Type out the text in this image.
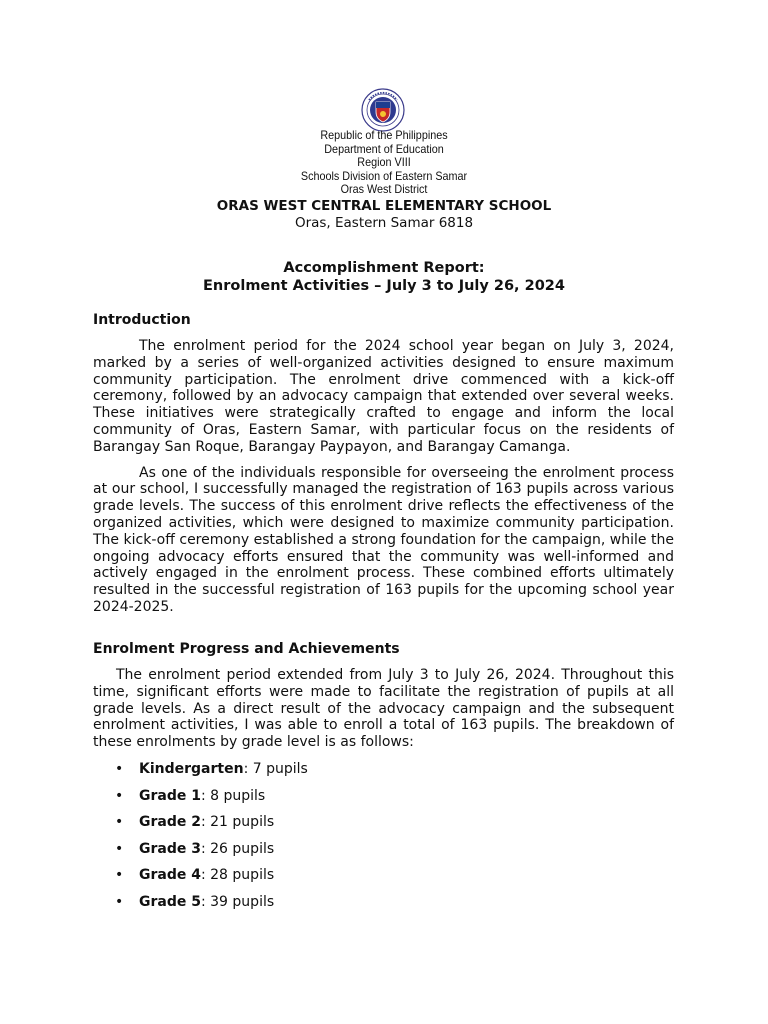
Republic of the Philippines
Department of Education
Region VIII
Schools Division of Eastern Samar
Oras West District
ORAS WEST CENTRAL ELEMENTARY SCHOOL
Oras, Eastern Samar 6818
Accomplishment Report:
Enrolment Activities – July 3 to July 26, 2024
Introduction
The enrolment period for the 2024 school year began on July 3, 2024, marked by a series of well-organized activities designed to ensure maximum community participation. The enrolment drive commenced with a kick-off ceremony, followed by an advocacy campaign that extended over several weeks. These initiatives were strategically crafted to engage and inform the local community of Oras, Eastern Samar, with particular focus on the residents of Barangay San Roque, Barangay Paypayon, and Barangay Camanga.
As one of the individuals responsible for overseeing the enrolment process at our school, I successfully managed the registration of 163 pupils across various grade levels. The success of this enrolment drive reflects the effectiveness of the organized activities, which were designed to maximize community participation. The kick-off ceremony established a strong foundation for the campaign, while the ongoing advocacy efforts ensured that the community was well-informed and actively engaged in the enrolment process. These combined efforts ultimately resulted in the successful registration of 163 pupils for the upcoming school year 2024-2025.
Enrolment Progress and Achievements
The enrolment period extended from July 3 to July 26, 2024. Throughout this time, significant efforts were made to facilitate the registration of pupils at all grade levels. As a direct result of the advocacy campaign and the subsequent enrolment activities, I was able to enroll a total of 163 pupils. The breakdown of these enrolments by grade level is as follows:
• Kindergarten: 7 pupils
• Grade 1: 8 pupils
• Grade 2: 21 pupils
• Grade 3: 26 pupils
• Grade 4: 28 pupils
• Grade 5: 39 pupils
